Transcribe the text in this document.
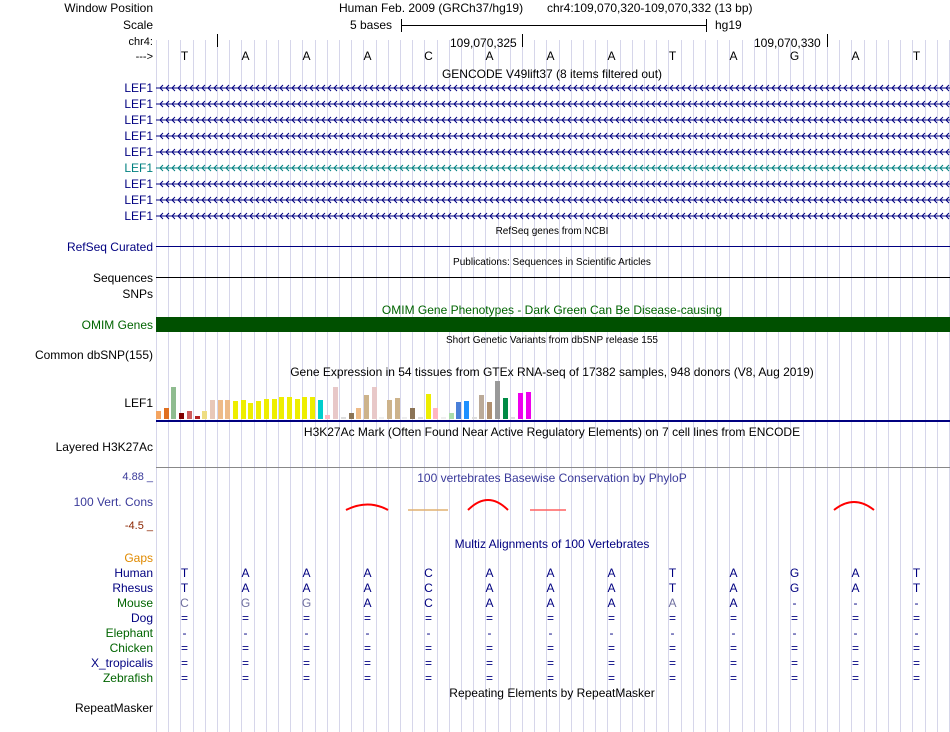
Window Position
Scale
chr4:
--->
Human Feb. 2009 (GRCh37/hg19) chr4:109,070,320-109,070,332 (13 bp)
5 bases	hg19
109,070,325	109,070,330
T	A	A	A	C	A	A	A	T	A	G	A	T
GENCODE V49lift37 (8 items filtered out)
LEF1
LEF1
LEF1
LEF1
LEF1
LEF1
LEF1
LEF1
LEF1
RefSeq genes from NCBI
RefSeq Curated
Publications: Sequences in Scientific Articles
Sequences
SNPs
OMIM Gene Phenotypes - Dark Green Can Be Disease-causing
OMIM Genes
Short Genetic Variants from dbSNP release 155
Common dbSNP(155)
Gene Expression in 54 tissues from GTEx RNA-seq of 17382 samples, 948 donors (V8, Aug 2019)
LEF1
H3K27Ac Mark (Often Found Near Active Regulatory Elements) on 7 cell lines from ENCODE
Layered H3K27Ac
100 vertebrates Basewise Conservation by PhyloP
4.88 _
100 Vert. Cons
-4.5 _
Gaps
Multiz Alignments of 100 Vertebrates
Human T	A	A	A	C	A	A	A	T	A	G	A	T
Rhesus T	A	A	A	C	A	A	A	T	A	G	A	T
Mouse C	G	G	A	C	A	A	A	A	A	-	-	-
Dog =	=	=	=	=	=	=	=	=	=	=	=	=
Elephant -	-	-	-	-	-	-	-	-	-	-	-	-
Chicken =	=	=	=	=	=	=	=	=	=	=	=	=
X_tropicalis =	=	=	=	=	=	=	=	=	=	=	=	=
Zebrafish =	=	=	=	=	=	=	=	=	=	=	=	=
Repeating Elements by RepeatMasker
RepeatMasker
